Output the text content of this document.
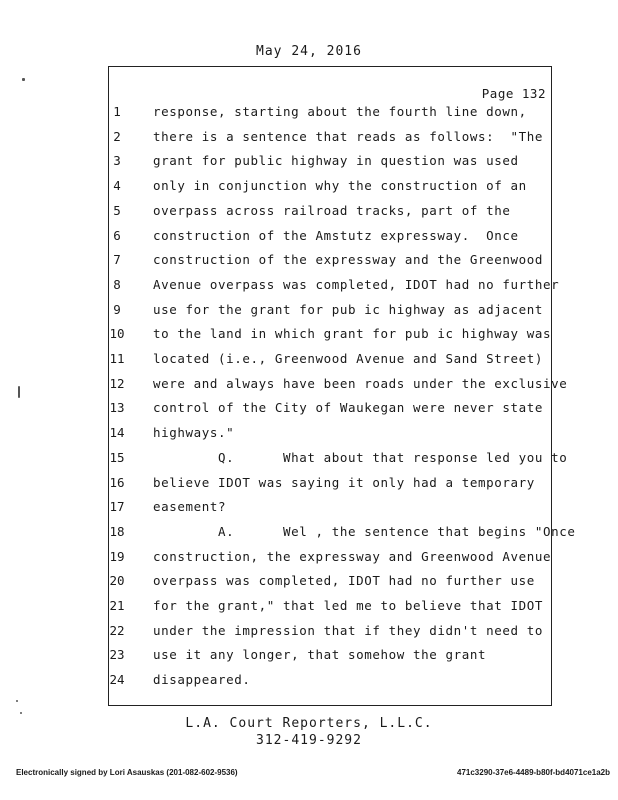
May 24, 2016
Page 132
1	response, starting about the fourth line down,
2	there is a sentence that reads as follows:  "The
3	grant for public highway in question was used
4	only in conjunction why the construction of an
5	overpass across railroad tracks, part of the
6	construction of the Amstutz expressway.  Once
7	construction of the expressway and the Greenwood
8	Avenue overpass was completed, IDOT had no further
9	use for the grant for pub ic highway as adjacent
10	to the land in which grant for pub ic highway was
11	located (i.e., Greenwood Avenue and Sand Street)
12	were and always have been roads under the exclusive
13	control of the City of Waukegan were never state
14	highways."
15	Q.      What about that response led you to
16	believe IDOT was saying it only had a temporary
17	easement?
18	A.      Wel , the sentence that begins "Once
19	construction, the expressway and Greenwood Avenue
20	overpass was completed, IDOT had no further use
21	for the grant," that led me to believe that IDOT
22	under the impression that if they didn't need to
23	use it any longer, that somehow the grant
24	disappeared.
L.A. Court Reporters, L.L.C.
312-419-9292
Electronically signed by Lori Asauskas (201-082-602-9536)	471c3290-37e6-4489-b80f-bd4071ce1a2b
